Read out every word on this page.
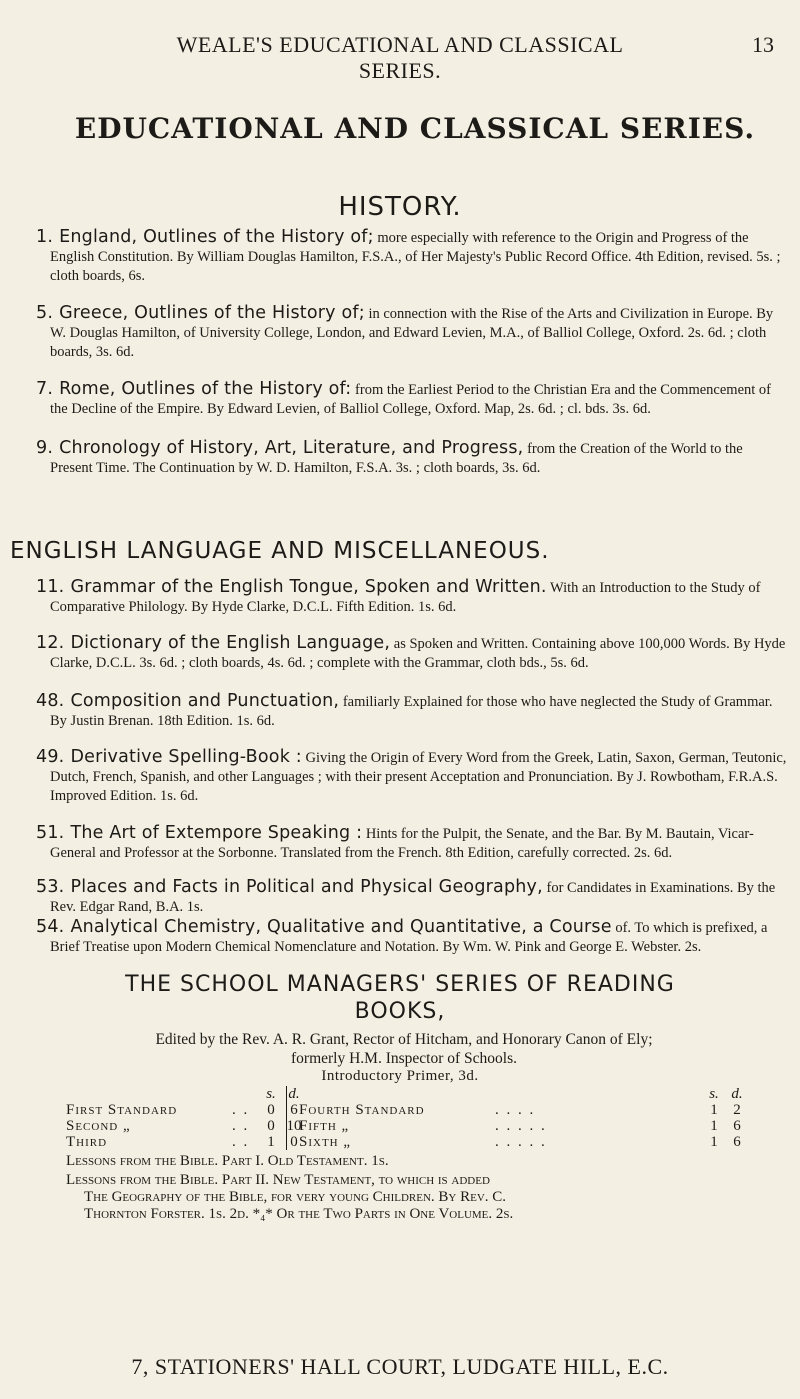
WEALE'S EDUCATIONAL AND CLASSICAL SERIES.
13
EDUCATIONAL AND CLASSICAL SERIES.
HISTORY.
1. England, Outlines of the History of; more especially with reference to the Origin and Progress of the English Constitution. By William Douglas Hamilton, F.S.A., of Her Majesty's Public Record Office. 4th Edition, revised. 5s. ; cloth boards, 6s.
5. Greece, Outlines of the History of; in connection with the Rise of the Arts and Civilization in Europe. By W. Douglas Hamilton, of University College, London, and Edward Levien, M.A., of Balliol College, Oxford. 2s. 6d. ; cloth boards, 3s. 6d.
7. Rome, Outlines of the History of: from the Earliest Period to the Christian Era and the Commencement of the Decline of the Empire. By Edward Levien, of Balliol College, Oxford. Map, 2s. 6d. ; cl. bds. 3s. 6d.
9. Chronology of History, Art, Literature, and Progress, from the Creation of the World to the Present Time. The Continuation by W. D. Hamilton, F.S.A. 3s. ; cloth boards, 3s. 6d.
ENGLISH LANGUAGE AND MISCELLANEOUS.
11. Grammar of the English Tongue, Spoken and Written. With an Introduction to the Study of Comparative Philology. By Hyde Clarke, D.C.L. Fifth Edition. 1s. 6d.
12. Dictionary of the English Language, as Spoken and Written. Containing above 100,000 Words. By Hyde Clarke, D.C.L. 3s. 6d. ; cloth boards, 4s. 6d. ; complete with the Grammar, cloth bds., 5s. 6d.
48. Composition and Punctuation, familiarly Explained for those who have neglected the Study of Grammar. By Justin Brenan. 18th Edition. 1s. 6d.
49. Derivative Spelling-Book : Giving the Origin of Every Word from the Greek, Latin, Saxon, German, Teutonic, Dutch, French, Spanish, and other Languages ; with their present Acceptation and Pronunciation. By J. Rowbotham, F.R.A.S. Improved Edition. 1s. 6d.
51. The Art of Extempore Speaking : Hints for the Pulpit, the Senate, and the Bar. By M. Bautain, Vicar-General and Professor at the Sorbonne. Translated from the French. 8th Edition, carefully corrected. 2s. 6d.
53. Places and Facts in Political and Physical Geography, for Candidates in Examinations. By the Rev. Edgar Rand, B.A. 1s.
54. Analytical Chemistry, Qualitative and Quantitative, a Course of. To which is prefixed, a Brief Treatise upon Modern Chemical Nomenclature and Notation. By Wm. W. Pink and George E. Webster. 2s.
THE SCHOOL MANAGERS' SERIES OF READING
BOOKS,
Edited by the Rev. A. R. Grant, Rector of Hitcham, and Honorary Canon of Ely;
formerly H.M. Inspector of Schools.
Introductory Primer, 3d.
s. d.
First Standard	. . 0	6
Second „	. . 0 10
Third	. . 1	0
s. d.
Fourth Standard	. . . .	1	2
Fifth „	. . . . .	1	6
Sixth „	. . . . .	1	6
Lessons from the Bible. Part I. Old Testament. 1s.
Lessons from the Bible. Part II. New Testament, to which is added
The Geography of the Bible, for very young Children. By Rev. C.
Thornton Forster. 1s. 2d. *₄* Or the Two Parts in One Volume. 2s.
7, STATIONERS' HALL COURT, LUDGATE HILL, E.C.
